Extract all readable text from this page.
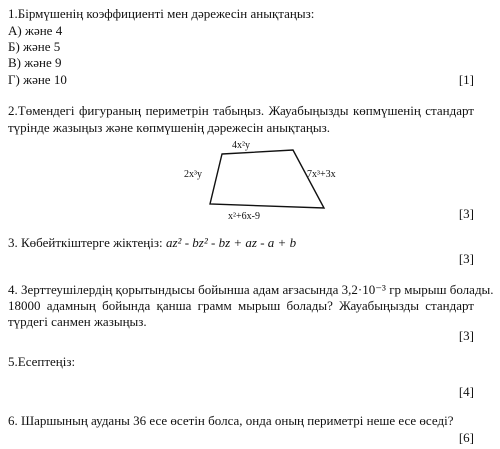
1.Бірмүшенің коэффициенті мен дәрежесін анықтаңыз:
А) және 4
Б) және 5
В) және 9
Г) және 10	[1]
2.Төмендегі фигураның периметрін табыңыз. Жауабыңызды көпмүшенің стандарт
түрінде жазыңыз және көпмүшенің дәрежесін анықтаңыз.
4x²y
2x³y	7x³+3x
x²+6x-9	[3]
3. Көбейткіштерге жіктеңіз: az² - bz² - bz + az - a + b
[3]
4. Зерттеушілердің қорытындысы бойынша адам ағзасында 3,2·10⁻³ гр мырыш болады.
18000 адамның бойында қанша грамм мырыш болады? Жауабыңызды стандарт
түрдегі санмен жазыңыз.
[3]
5.Есептеңіз:
[4]
6. Шаршының ауданы 36 есе өсетін болса, онда оның периметрі неше есе өседі?
[6]
